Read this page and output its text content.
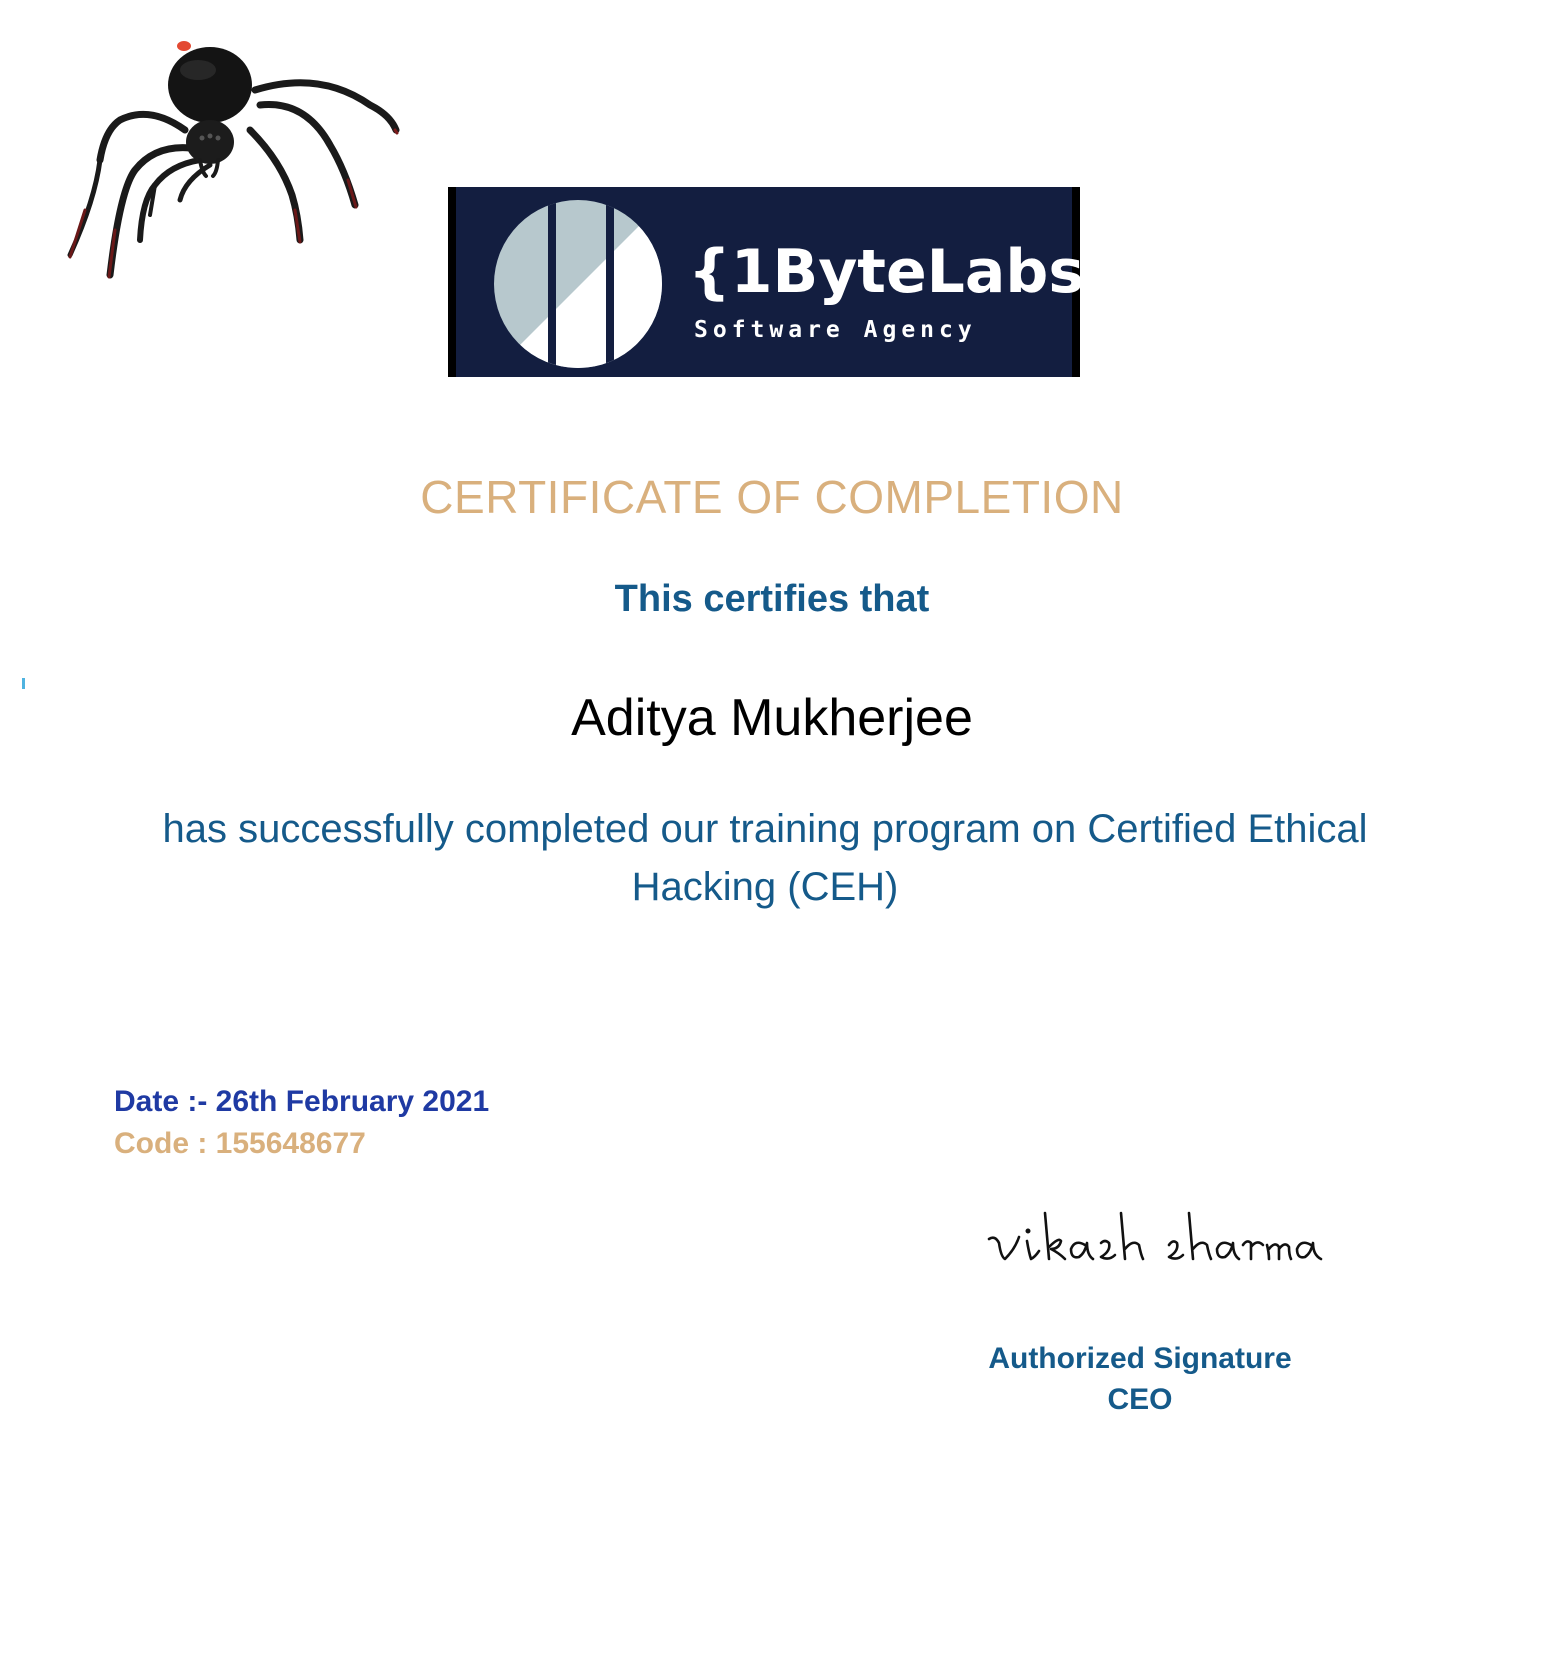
{1ByteLabs}
Software Agency
CERTIFICATE OF COMPLETION
This certifies that
Aditya Mukherjee
has successfully completed our training program on Certified Ethical Hacking (CEH)
Date :- 26th February 2021
Code : 155648677
Authorized Signature
CEO
